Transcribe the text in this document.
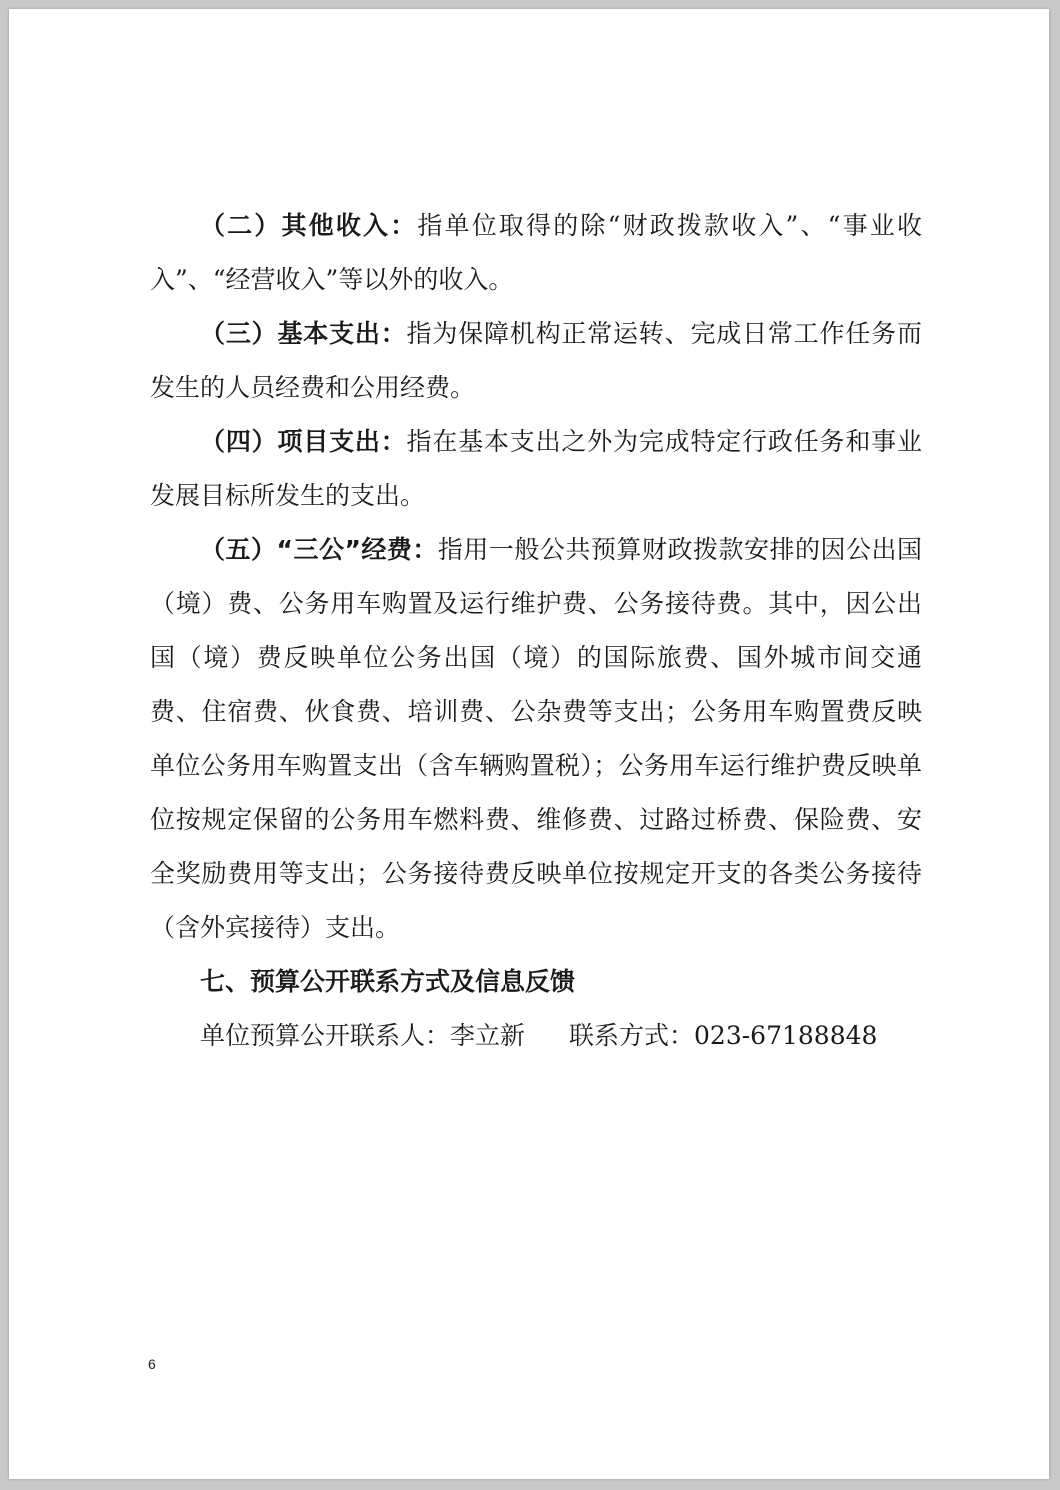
（二）其他收入：指单位取得的除“财政拨款收入”、“事业收入”、“经营收入”等以外的收入。

（三）基本支出：指为保障机构正常运转、完成日常工作任务而发生的人员经费和公用经费。

（四）项目支出：指在基本支出之外为完成特定行政任务和事业发展目标所发生的支出。

（五）“三公”经费：指用一般公共预算财政拨款安排的因公出国（境）费、公务用车购置及运行维护费、公务接待费。其中，因公出国（境）费反映单位公务出国（境）的国际旅费、国外城市间交通费、住宿费、伙食费、培训费、公杂费等支出；公务用车购置费反映单位公务用车购置支出（含车辆购置税）；公务用车运行维护费反映单位按规定保留的公务用车燃料费、维修费、过路过桥费、保险费、安全奖励费用等支出；公务接待费反映单位按规定开支的各类公务接待（含外宾接待）支出。

七、预算公开联系方式及信息反馈

单位预算公开联系人：李立新 联系方式：023-67188848

6
